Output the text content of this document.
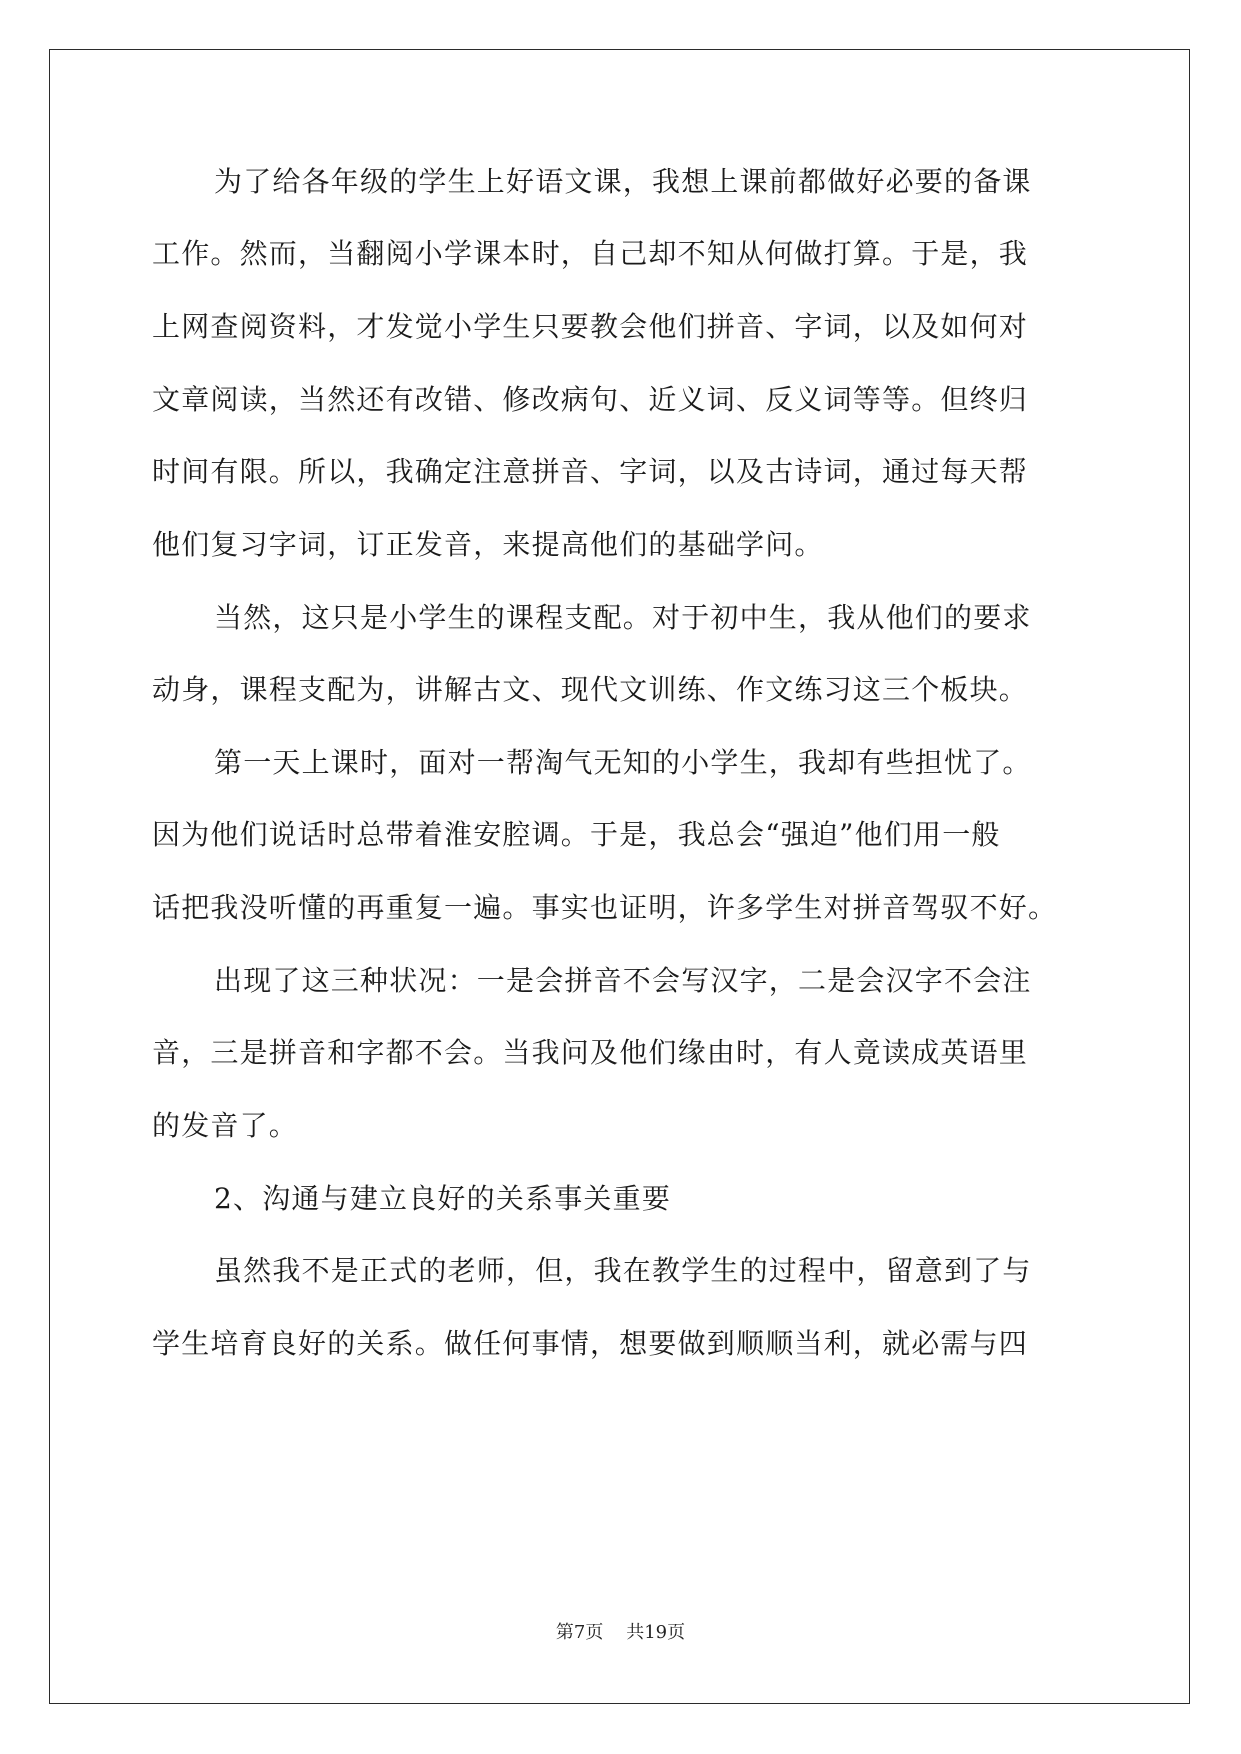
为了给各年级的学生上好语文课，我想上课前都做好必要的备课
工作。然而，当翻阅小学课本时，自己却不知从何做打算。于是，我
上网查阅资料，才发觉小学生只要教会他们拼音、字词，以及如何对
文章阅读，当然还有改错、修改病句、近义词、反义词等等。但终归
时间有限。所以，我确定注意拼音、字词，以及古诗词，通过每天帮
他们复习字词，订正发音，来提高他们的基础学问。
当然，这只是小学生的课程支配。对于初中生，我从他们的要求
动身，课程支配为，讲解古文、现代文训练、作文练习这三个板块。
第一天上课时，面对一帮淘气无知的小学生，我却有些担忧了。
因为他们说话时总带着淮安腔调。于是，我总会“强迫”他们用一般
话把我没听懂的再重复一遍。事实也证明，许多学生对拼音驾驭不好。
出现了这三种状况：一是会拼音不会写汉字，二是会汉字不会注
音，三是拼音和字都不会。当我问及他们缘由时，有人竟读成英语里
的发音了。
2、沟通与建立良好的关系事关重要
虽然我不是正式的老师，但，我在教学生的过程中，留意到了与
学生培育良好的关系。做任何事情，想要做到顺顺当利，就必需与四
第7页 共19页
